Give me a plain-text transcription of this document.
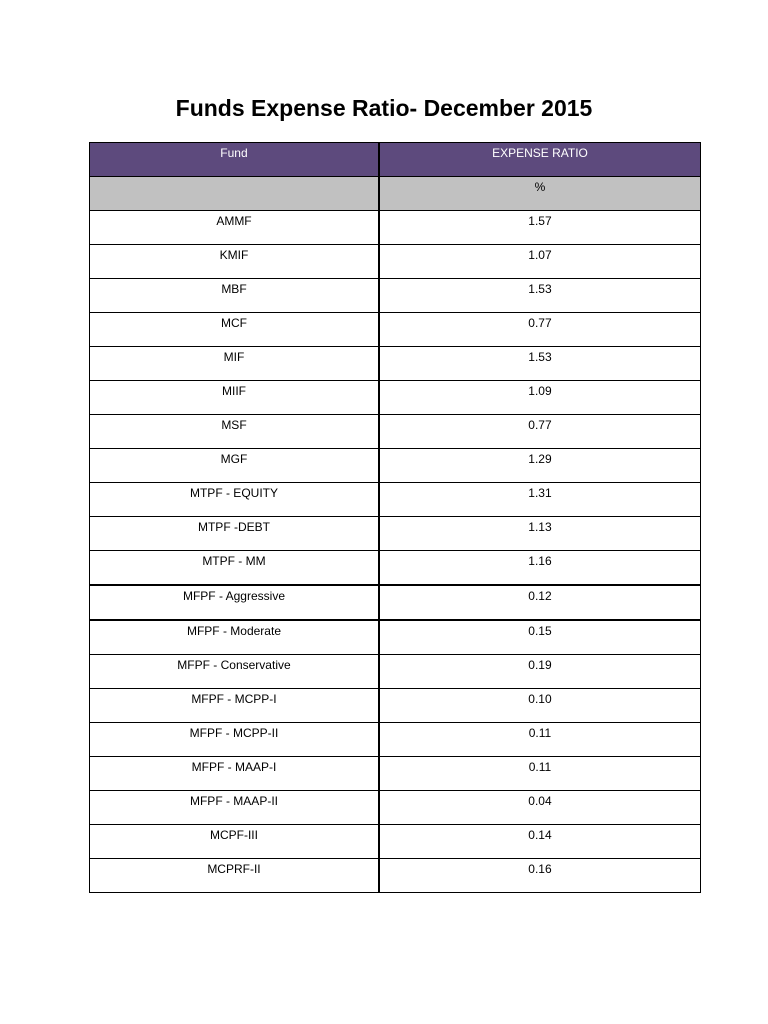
Funds Expense Ratio- December 2015
Fund	EXPENSE RATIO

	%

AMMF	1.57

KMIF	1.07

MBF	1.53

MCF	0.77

MIF	1.53

MIIF	1.09

MSF	0.77

MGF	1.29

MTPF - EQUITY	1.31

MTPF -DEBT	1.13

MTPF - MM	1.16

MFPF - Aggressive	0.12

MFPF - Moderate	0.15

MFPF - Conservative	0.19

MFPF - MCPP-I	0.10

MFPF - MCPP-II	0.11

MFPF - MAAP-I	0.11

MFPF - MAAP-II	0.04

MCPF-III	0.14

MCPRF-II	0.16
